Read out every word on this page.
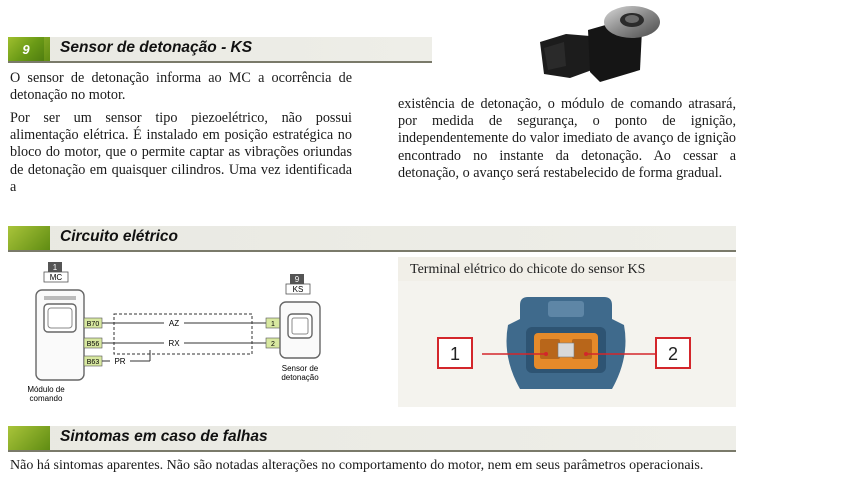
9	Sensor de detonação - KS

O sensor de detonação informa ao MC a ocorrência de detonação no motor.

Por ser um sensor tipo piezoelétrico, não possui alimentação elétrica. É instalado em posição estratégica no bloco do motor, que o permite captar as vibrações oriundas de detonação em quaisquer cilindros. Uma vez identificada a

existência de detonação, o módulo de comando atrasará, por medida de segurança, o ponto de ignição, independentemente do valor imediato de avanço de ignição encontrado no instante da detonação. Ao cessar a detonação, o avanço será restabelecido de forma gradual.

Circuito elétrico
1
MC
B70
B56
B63
Módulo de
comando
AZ
RX
PR
1
2
9
KS
Sensor de
detonação
Terminal elétrico do chicote do sensor KS
1	2
Sintomas em caso de falhas

Não há sintomas aparentes. Não são notadas alterações no comportamento do motor, nem em seus parâmetros operacionais.
